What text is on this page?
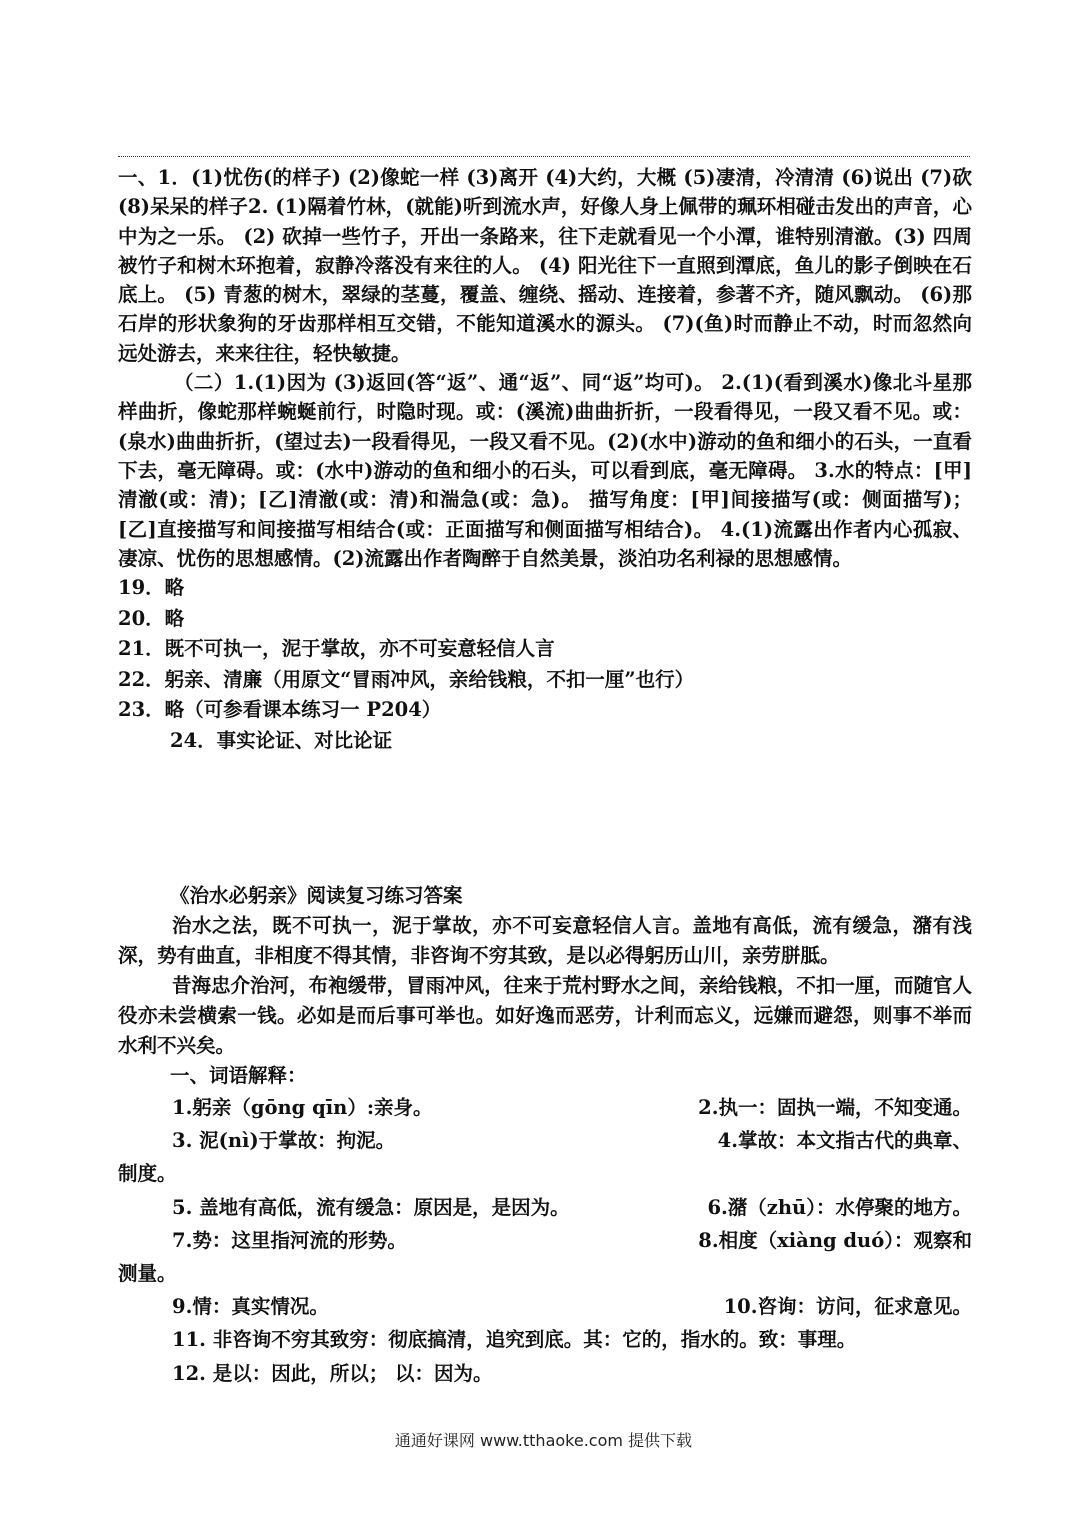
一、1．(1)忧伤(的样子) (2)像蛇一样 (3)离开 (4)大约，大概 (5)凄清，冷清清 (6)说出 (7)砍 (8)呆呆的样子2. (1)隔着竹林，(就能)听到流水声，好像人身上佩带的珮环相碰击发出的声音，心中为之一乐。 (2) 砍掉一些竹子，开出一条路来，往下走就看见一个小潭，谁特别清澈。(3) 四周被竹子和树木环抱着，寂静冷落没有来往的人。 (4) 阳光往下一直照到潭底，鱼儿的影子倒映在石底上。 (5) 青葱的树木，翠绿的茎蔓，覆盖、缠绕、摇动、连接着，参著不齐，随风飘动。 (6)那石岸的形状象狗的牙齿那样相互交错，不能知道溪水的源头。 (7)(鱼)时而静止不动，时而忽然向远处游去，来来往往，轻快敏捷。

（二）1.(1)因为 (3)返回(答“返”、通“返”、同“返”均可)。 2.(1)(看到溪水)像北斗星那样曲折，像蛇那样蜿蜒前行，时隐时现。或：(溪流)曲曲折折，一段看得见，一段又看不见。或：(泉水)曲曲折折，(望过去)一段看得见，一段又看不见。(2)(水中)游动的鱼和细小的石头，一直看下去，毫无障碍。或：(水中)游动的鱼和细小的石头，可以看到底，毫无障碍。 3.水的特点：[甲]清澈(或：清)；[乙]清澈(或：清)和湍急(或：急)。 描写角度：[甲]间接描写(或：侧面描写)； [乙]直接描写和间接描写相结合(或：正面描写和侧面描写相结合)。 4.(1)流露出作者内心孤寂、凄凉、忧伤的思想感情。(2)流露出作者陶醉于自然美景，淡泊功名利禄的思想感情。

19．略

20．略

21．既不可执一，泥于掌故，亦不可妄意轻信人言

22．躬亲、清廉（用原文“冒雨冲风，亲给钱粮，不扣一厘”也行）

23．略（可参看课本练习一 P204）

24．事实论证、对比论证

《治水必躬亲》阅读复习练习答案

治水之法，既不可执一，泥于掌故，亦不可妄意轻信人言。盖地有高低，流有缓急，潴有浅深，势有曲直，非相度不得其情，非咨询不穷其致，是以必得躬历山川，亲劳胼胝。

昔海忠介治河，布袍缓带，冒雨冲风，往来于荒村野水之间，亲给钱粮，不扣一厘，而随官人役亦未尝横索一钱。必如是而后事可举也。如好逸而恶劳，计利而忘义，远嫌而避怨，则事不举而水利不兴矣。

一、词语解释：

1.躬亲（gōng qīn）:亲身。	2.执一：固执一端，不知变通。
3. 泥(nì)于掌故：拘泥。	4.掌故：本文指古代的典章、
制度。
5. 盖地有高低，流有缓急：原因是，是因为。	6.潴（zhū）：水停聚的地方。
7.势：这里指河流的形势。	8.相度（xiàng duó）：观察和
测量。
9.情：真实情况。	10.咨询：访问，征求意见。
11. 非咨询不穷其致穷：彻底搞清，追究到底。其：它的，指水的。致：事理。
12. 是以：因此，所以； 以：因为。
通通好课网 www.tthaoke.com 提供下载
